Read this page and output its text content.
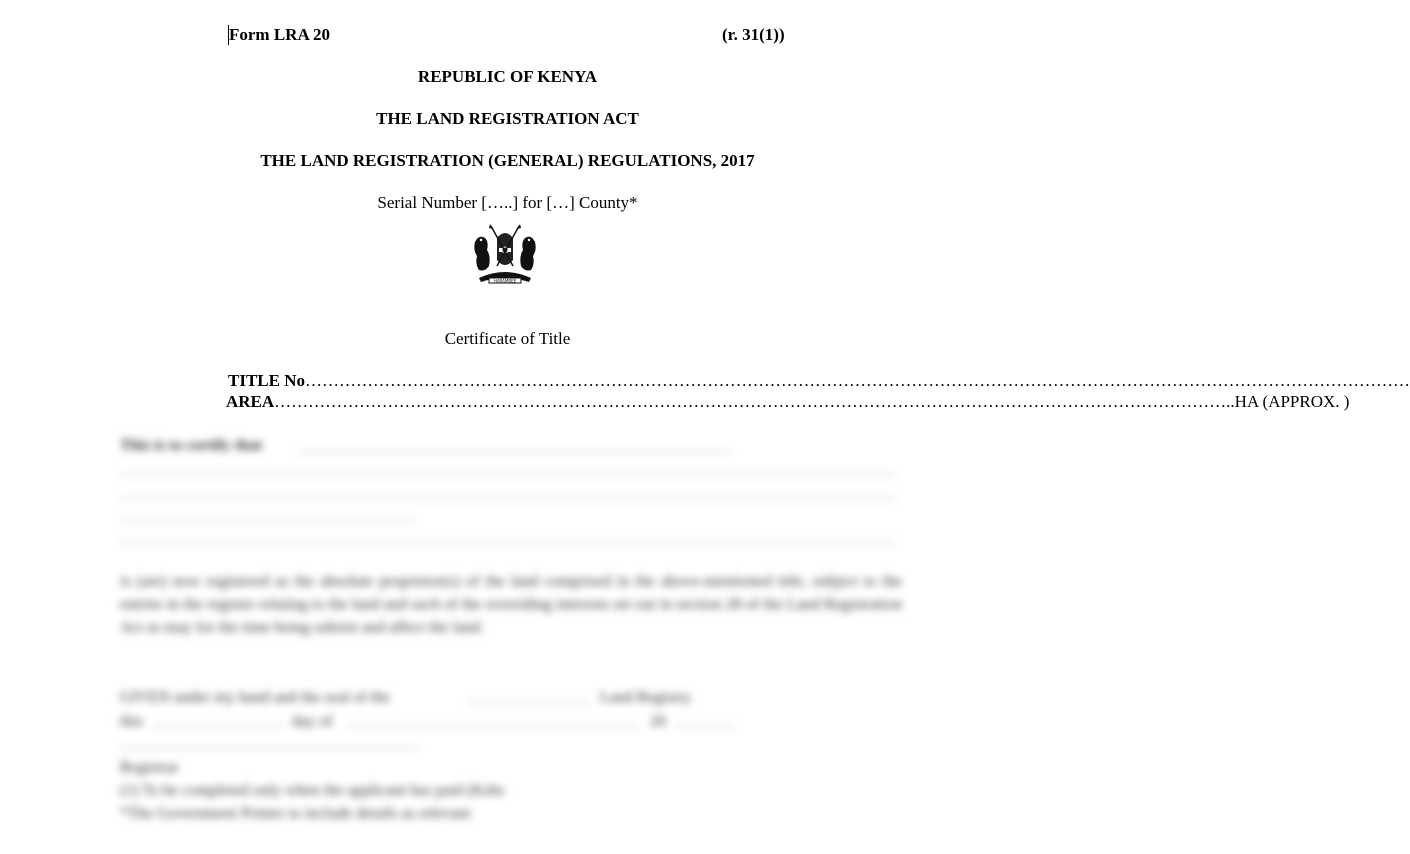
Form LRA 20	(r. 31(1))
REPUBLIC OF KENYA
THE LAND REGISTRATION ACT
THE LAND REGISTRATION (GENERAL) REGULATIONS, 2017
Serial Number […..] for […] County*
HARAMBEE
Certificate of Title
TITLE No……………………………………………………………………………………………………………………………………………………………………………
AREA……………………………………………………………………………………………………………………………………………………..HA (APPROX. )
This is to certify that

is (are) now registered as the absolute proprietor(s) of the land comprised in the above-mentioned title, subject to the entries in the register relating to the land and such of the overriding interests set out in section 28 of the Land Registration Act as may for the time being subsist and affect the land.

GIVEN under my hand and the seal of the	Land Registry
this	day of	20
Registrar
(1) To be completed only when the applicant has paid (Kshs
*The Government Printer to include details as relevant
